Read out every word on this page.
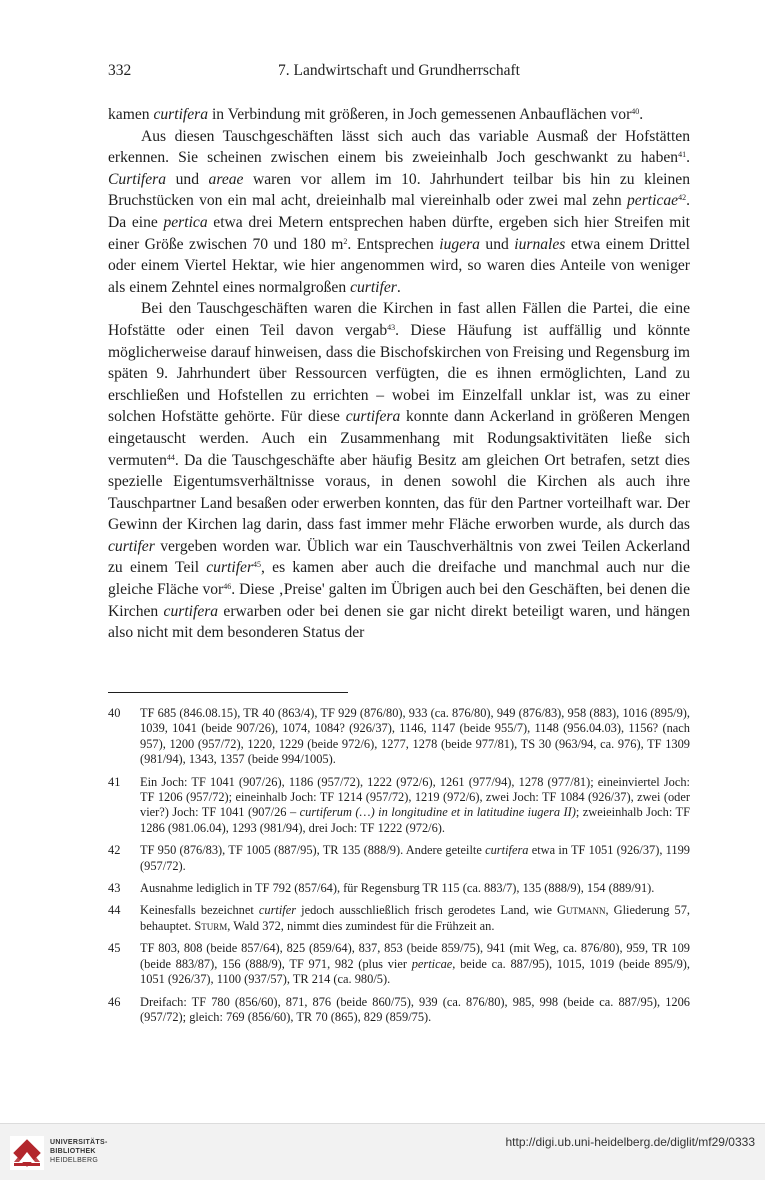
332	7. Landwirtschaft und Grundherrschaft

kamen curtifera in Verbindung mit größeren, in Joch gemessenen Anbauflächen vor$^{40}$.

Aus diesen Tauschgeschäften lässt sich auch das variable Ausmaß der Hofstätten erkennen. Sie scheinen zwischen einem bis zweieinhalb Joch geschwankt zu haben$^{41}$. Curtifera und areae waren vor allem im 10. Jahrhundert teilbar bis hin zu kleinen Bruchstücken von ein mal acht, dreieinhalb mal viereinhalb oder zwei mal zehn perticae$^{42}$. Da eine pertica etwa drei Metern entsprechen haben dürfte, ergeben sich hier Streifen mit einer Größe zwischen 70 und 180 $m^2$. Entsprechen iugera und iurnales etwa einem Drittel oder einem Viertel Hektar, wie hier angenommen wird, so waren dies Anteile von weniger als einem Zehntel eines normalgroßen curtifer.

Bei den Tauschgeschäften waren die Kirchen in fast allen Fällen die Partei, die eine Hofstätte oder einen Teil davon vergab$^{43}$. Diese Häufung ist auffällig und könnte möglicherweise darauf hinweisen, dass die Bischofskirchen von Freising und Regensburg im späten 9. Jahrhundert über Ressourcen verfügten, die es ihnen ermöglichten, Land zu erschließen und Hofstellen zu errichten – wobei im Einzelfall unklar ist, was zu einer solchen Hofstätte gehörte. Für diese curtifera konnte dann Ackerland in größeren Mengen eingetauscht werden. Auch ein Zusammenhang mit Rodungsaktivitäten ließe sich vermuten$^{44}$. Da die Tauschgeschäfte aber häufig Besitz am gleichen Ort betrafen, setzt dies spezielle Eigentumsverhältnisse voraus, in denen sowohl die Kirchen als auch ihre Tauschpartner Land besaßen oder erwerben konnten, das für den Partner vorteilhaft war. Der Gewinn der Kirchen lag darin, dass fast immer mehr Fläche erworben wurde, als durch das curtifer vergeben worden war. Üblich war ein Tauschverhältnis von zwei Teilen Ackerland zu einem Teil curtifer$^{45}$, es kamen aber auch die dreifache und manchmal auch nur die gleiche Fläche vor$^{46}$. Diese ‚Preise' galten im Übrigen auch bei den Geschäften, bei denen die Kirchen curtifera erwarben oder bei denen sie gar nicht direkt beteiligt waren, und hängen also nicht mit dem besonderen Status der

40	TF 685 (846.08.15), TR 40 (863/4), TF 929 (876/80), 933 (ca. 876/80), 949 (876/83), 958 (883), 1016 (895/9), 1039, 1041 (beide 907/26), 1074, 1084? (926/37), 1146, 1147 (beide 955/7), 1148 (956.04.03), 1156? (nach 957), 1200 (957/72), 1220, 1229 (beide 972/6), 1277, 1278 (beide 977/81), TS 30 (963/94, ca. 976), TF 1309 (981/94), 1343, 1357 (beide 994/1005).
41	Ein Joch: TF 1041 (907/26), 1186 (957/72), 1222 (972/6), 1261 (977/94), 1278 (977/81); eineinviertel Joch: TF 1206 (957/72); eineinhalb Joch: TF 1214 (957/72), 1219 (972/6), zwei Joch: TF 1084 (926/37), zwei (oder vier?) Joch: TF 1041 (907/26 – curtiferum (…) in longitudine et in latitudine iugera II); zweieinhalb Joch: TF 1286 (981.06.04), 1293 (981/94), drei Joch: TF 1222 (972/6).
42	TF 950 (876/83), TF 1005 (887/95), TR 135 (888/9). Andere geteilte curtifera etwa in TF 1051 (926/37), 1199 (957/72).
43	Ausnahme lediglich in TF 792 (857/64), für Regensburg TR 115 (ca. 883/7), 135 (888/9), 154 (889/91).
44	Keinesfalls bezeichnet curtifer jedoch ausschließlich frisch gerodetes Land, wie Gutmann, Gliederung 57, behauptet. Sturm, Wald 372, nimmt dies zumindest für die Frühzeit an.
45	TF 803, 808 (beide 857/64), 825 (859/64), 837, 853 (beide 859/75), 941 (mit Weg, ca. 876/80), 959, TR 109 (beide 883/87), 156 (888/9), TF 971, 982 (plus vier perticae, beide ca. 887/95), 1015, 1019 (beide 895/9), 1051 (926/37), 1100 (937/57), TR 214 (ca. 980/5).
46	Dreifach: TF 780 (856/60), 871, 876 (beide 860/75), 939 (ca. 876/80), 985, 998 (beide ca. 887/95), 1206 (957/72); gleich: 769 (856/60), TR 70 (865), 829 (859/75).
UNIVERSITÄTS-
BIBLIOTHEK
HEIDELBERG
http://digi.ub.uni-heidelberg.de/diglit/mf29/0333
